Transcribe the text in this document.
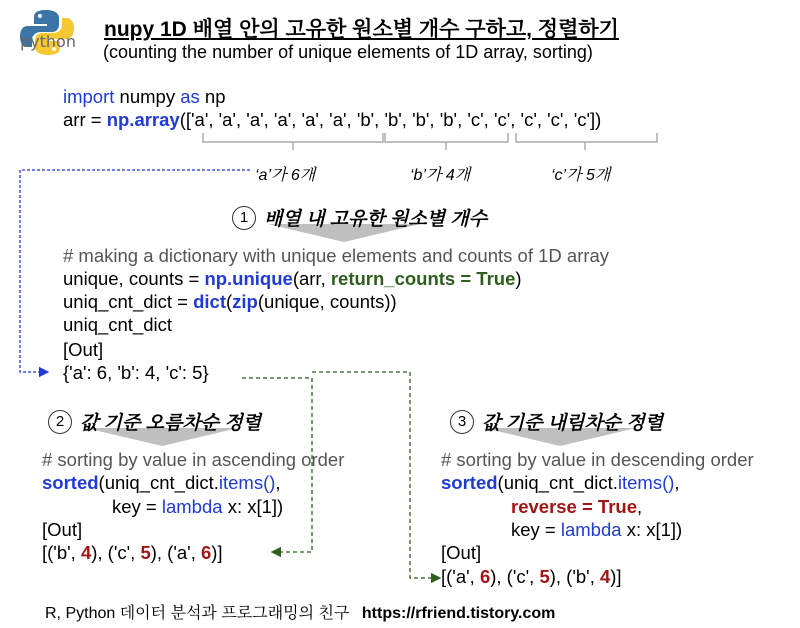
python
nupy 1D 배열 안의 고유한 원소별 개수 구하고, 정렬하기
(counting the number of unique elements of 1D array, sorting)
import numpy as np
arr = np.array(['a', 'a', 'a', 'a', 'a', 'a', 'b', 'b', 'b', 'b', 'c', 'c', 'c', 'c', 'c'])
‘a’가 6개	‘b’가 4개	‘c’가 5개
1 배열 내 고유한 원소별 개수
# making a dictionary with unique elements and counts of 1D array
unique, counts = np.unique(arr, return_counts = True)
uniq_cnt_dict = dict(zip(unique, counts))
uniq_cnt_dict
[Out]
{'a': 6, 'b': 4, 'c': 5}
2 값 기준 오름차순 정렬
# sorting by value in ascending order
sorted(uniq_cnt_dict.items(),
key = lambda x: x[1])
[Out]
[('b', 4), ('c', 5), ('a', 6)]
3 값 기준 내림차순 정렬
# sorting by value in descending order
sorted(uniq_cnt_dict.items(),
reverse = True,
key = lambda x: x[1])
[Out]
[('a', 6), ('c', 5), ('b', 4)]
R, Python 데이터 분석과 프로그래밍의 친구 https://rfriend.tistory.com
